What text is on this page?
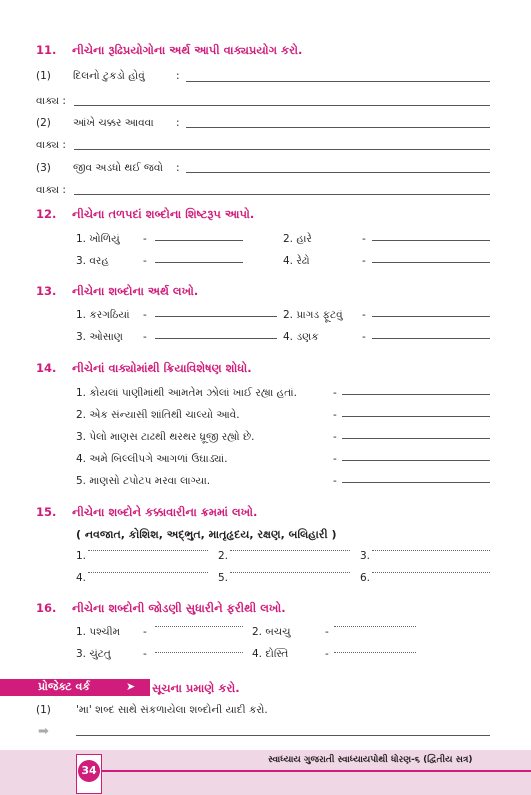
11. નીચેના રૂઢિપ્રયોગોના અર્થ આપી વાક્યપ્રયોગ કરો.
(1) દિલનો ટુકડો હોવું	:
વાક્ય :
(2) આંખે ચક્કર આવવા :
વાક્ય :
(3) જીવ અડધો થઈ જવો :
વાક્ય :
12. નીચેના તળપદાં શબ્દોના શિષ્ટરૂપ આપો.
1. ખોળિયું -	2. હારે	-
3. વરહ	-	4. રેઢો	-
13. નીચેના શબ્દોના અર્થ લખો.
1. કરગઠિયાં -	2. પ્રાગડ ફૂટવું -
3. ઓસાણ -	4. ડણક	-
14. નીચેનાં વાક્યોમાંથી ક્રિયાવિશેષણ શોધો.
1. કોયલાં પાણીમાંથી આમતેમ ઝોલાં ખાઈ રહ્યા હતાં.	-
2. એક સંન્યાસી શાંતિથી ચાલ્યો આવે.	-
3. પેલો માણસ ટાઢથી થરથર ધ્રૂજી રહ્યો છે.	-
4. અમે બિલ્લીપગે આગળાં ઉઘાડ્યાં.	-
5. માણસો ટપોટપ મરવા લાગ્યા.	-
15. નીચેના શબ્દોને કક્કાવારીના ક્રમમાં લખો.
( નવજાત, કોશિશ, અદ્‌ભુત, માતૃહૃદય, રક્ષણ, બલિહારી )
1.	2.	3.
4.	5.	6.
16. નીચેના શબ્દોની જોડણી સુધારીને ફરીથી લખો.
1. પશ્ચીમ -	2. બચચુ	-
3. ચુંટતુ	-	4. દોસ્તિ	-
પ્રોજેક્ટ વર્ક	➤ સૂચના પ્રમાણે કરો.
(1) 'મા' શબ્દ સાથે સંકળાયેલા શબ્દોની યાદી કરો.
➡
34
સ્વાધ્યાય ગુજરાતી સ્વાધ્યાયપોથી ધોરણ-૬ (દ્વિતીય સત્ર)
